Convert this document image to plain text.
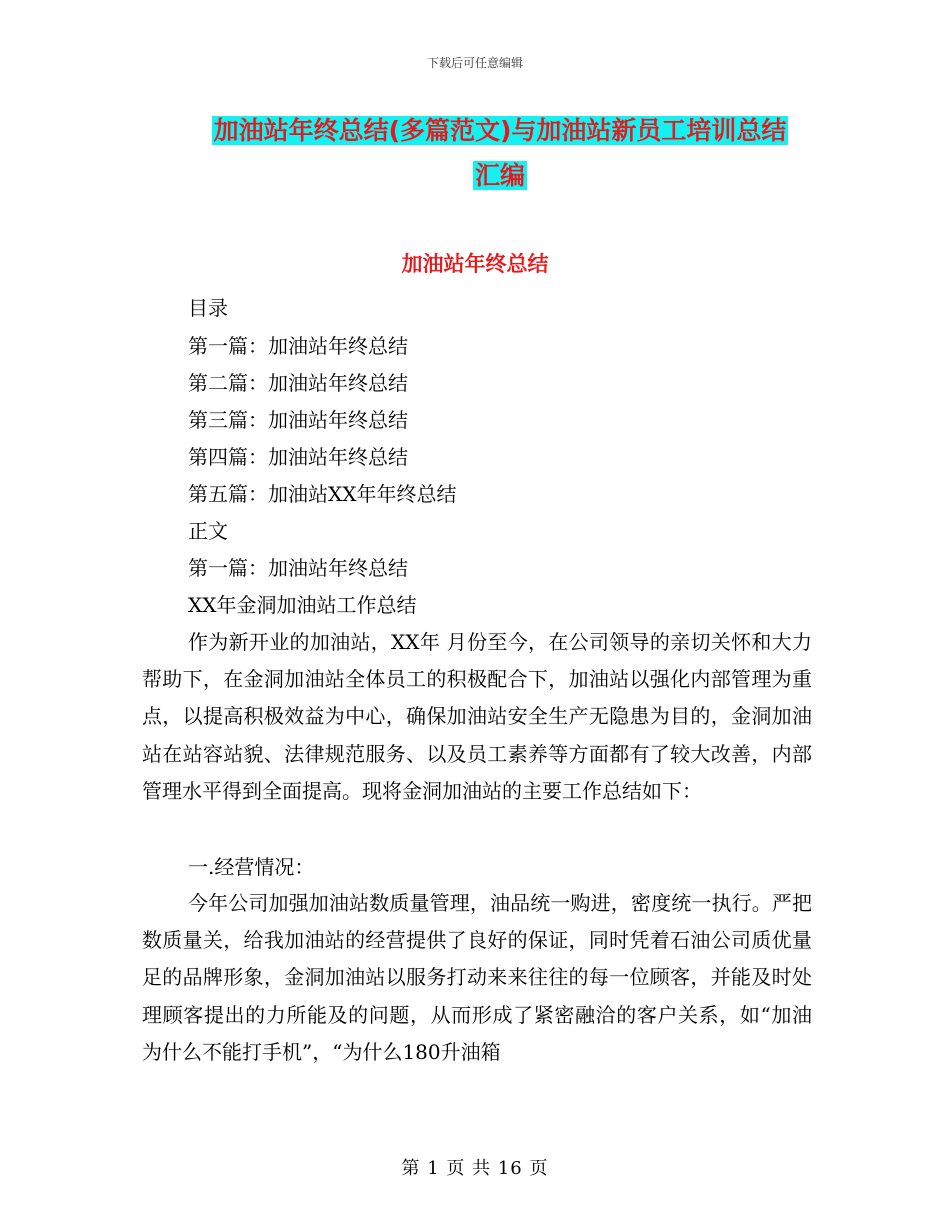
下载后可任意编辑
加油站年终总结(多篇范文)与加油站新员工培训总结
汇编
加油站年终总结
目录
第一篇：加油站年终总结
第二篇：加油站年终总结
第三篇：加油站年终总结
第四篇：加油站年终总结
第五篇：加油站XX年年终总结
正文
第一篇：加油站年终总结
XX年金洞加油站工作总结

作为新开业的加油站，XX年 月份至今，在公司领导的亲切关怀和大力帮助下，在金洞加油站全体员工的积极配合下，加油站以强化内部管理为重点，以提高积极效益为中心，确保加油站安全生产无隐患为目的，金洞加油站在站容站貌、法律规范服务、以及员工素养等方面都有了较大改善，内部管理水平得到全面提高。现将金洞加油站的主要工作总结如下：

一.经营情况：

今年公司加强加油站数质量管理，油品统一购进，密度统一执行。严把数质量关，给我加油站的经营提供了良好的保证，同时凭着石油公司质优量足的品牌形象，金洞加油站以服务打动来来往往的每一位顾客，并能及时处理顾客提出的力所能及的问题，从而形成了紧密融洽的客户关系，如“加油为什么不能打手机”，“为什么180升油箱

第 1 页 共 16 页
